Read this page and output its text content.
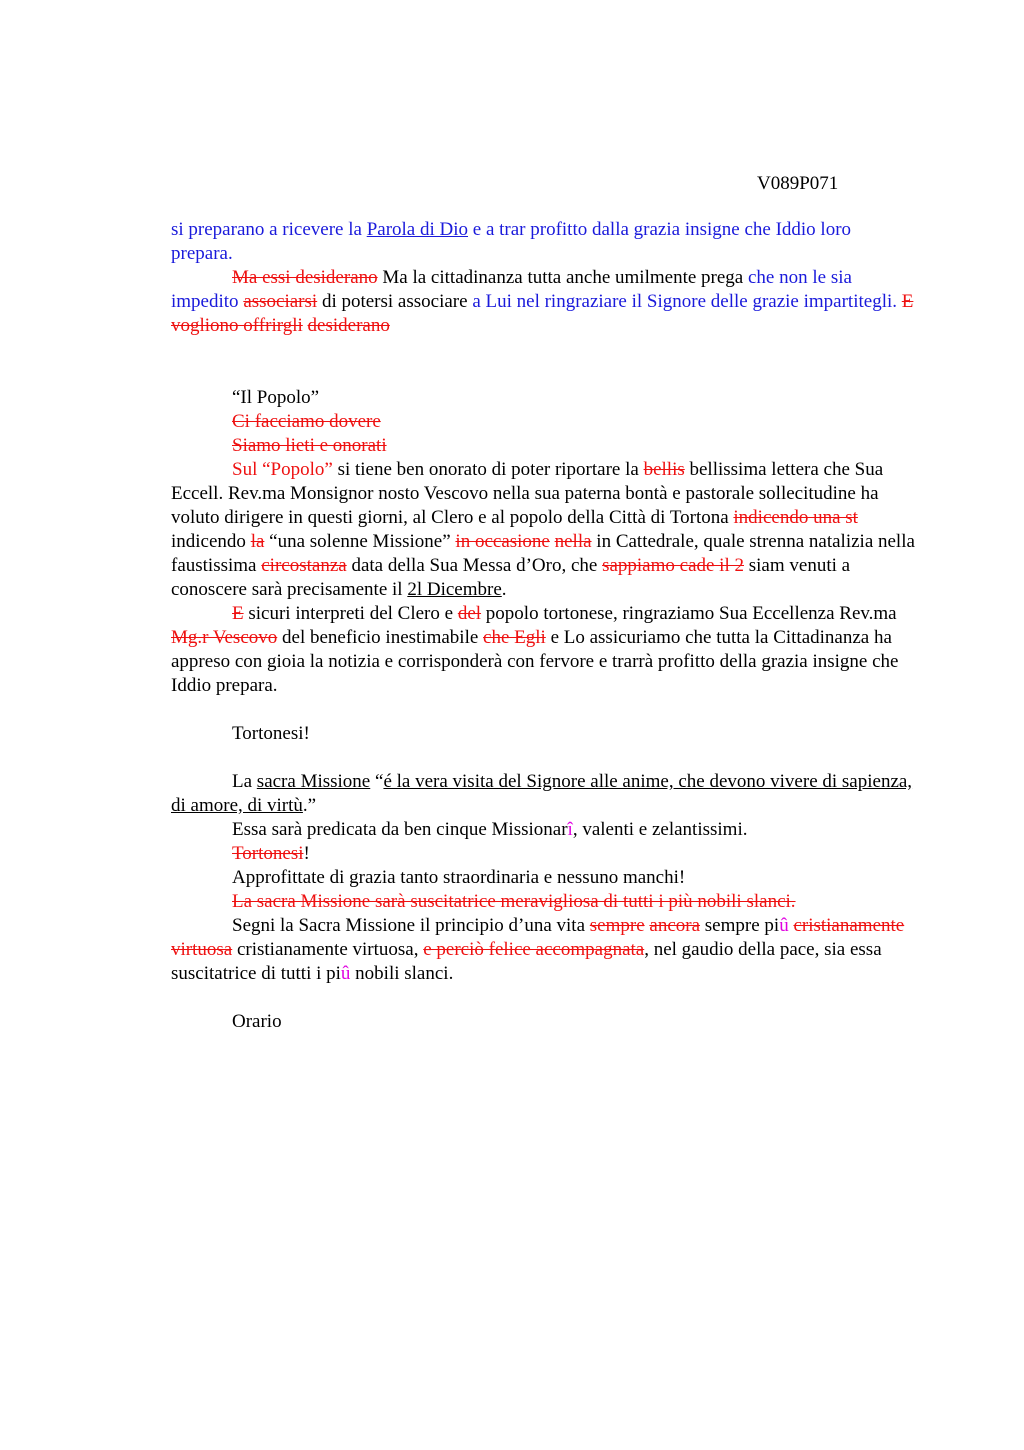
V089P071

si preparano a ricevere la Parola di Dio e a trar profitto dalla grazia insigne che Iddio loro prepara.

Ma essi desiderano Ma la cittadinanza tutta anche umilmente prega che non le sia impedito associarsi di potersi associare a Lui nel ringraziare il Signore delle grazie impartitegli. E vogliono offrirgli desiderano

“Il Popolo”

Ci facciamo dovere

Siamo lieti e onorati

Sul “Popolo” si tiene ben onorato di poter riportare la bellis bellissima lettera che Sua Eccell. Rev.ma Monsignor nosto Vescovo nella sua paterna bontà e pastorale sollecitudine ha voluto dirigere in questi giorni, al Clero e al popolo della Città di Tortona indicendo una st indicendo la “una solenne Missione” in occasione nella in Cattedrale, quale strenna natalizia nella faustissima circostanza data della Sua Messa d’Oro, che sappiamo cade il 2 siam venuti a conoscere sarà precisamente il 2l Dicembre.

E sicuri interpreti del Clero e del popolo tortonese, ringraziamo Sua Eccellenza Rev.ma Mg.r Vescovo del beneficio inestimabile che Egli e Lo assicuriamo che tutta la Cittadinanza ha appreso con gioia la notizia e corrisponderà con fervore e trarrà profitto della grazia insigne che Iddio prepara.

Tortonesi!

La sacra Missione “é la vera visita del Signore alle anime, che devono vivere di sapienza, di amore, di virtù.”

Essa sarà predicata da ben cinque Missionarî, valenti e zelantissimi.

Tortonesi!

Approfittate di grazia tanto straordinaria e nessuno manchi!

La sacra Missione sarà suscitatrice meravigliosa di tutti i più nobili slanci.

Segni la Sacra Missione il principio d’una vita sempre ancora sempre piû cristianamente virtuosa cristianamente virtuosa, e perciò felice accompagnata, nel gaudio della pace, sia essa suscitatrice di tutti i piû nobili slanci.

Orario
